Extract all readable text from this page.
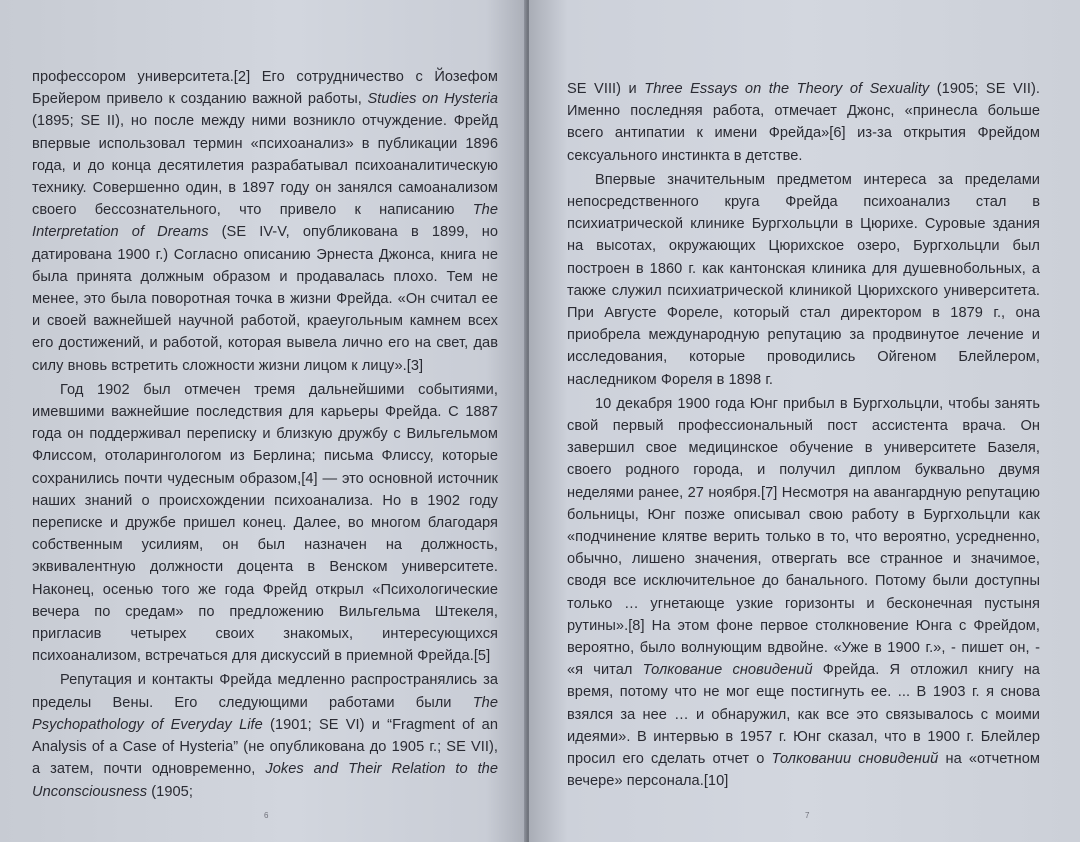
профессором университета.[2] Его сотрудничество с Йозефом Брейером привело к созданию важной работы, Studies on Hysteria (1895; SE II), но после между ними возникло отчуждение. Фрейд впервые использовал термин «психоанализ» в публикации 1896 года, и до конца десятилетия разрабатывал психоаналитическую технику. Совершенно один, в 1897 году он занялся самоанализом своего бессознательного, что привело к написанию The Interpretation of Dreams (SE IV-V, опубликована в 1899, но датирована 1900 г.) Согласно описанию Эрнеста Джонса, книга не была принята должным образом и продавалась плохо. Тем не менее, это была поворотная точка в жизни Фрейда. «Он считал ее и своей важнейшей научной работой, краеугольным камнем всех его достижений, и работой, которая вывела лично его на свет, дав силу вновь встретить сложности жизни лицом к лицу».[3]

Год 1902 был отмечен тремя дальнейшими событиями, имевшими важнейшие последствия для карьеры Фрейда. С 1887 года он поддерживал переписку и близкую дружбу с Вильгельмом Флиссом, отоларингологом из Берлина; письма Флиссу, которые сохранились почти чудесным образом,[4] — это основной источник наших знаний о происхождении психоанализа. Но в 1902 году переписке и дружбе пришел конец. Далее, во многом благодаря собственным усилиям, он был назначен на должность, эквивалентную должности доцента в Венском университете. Наконец, осенью того же года Фрейд открыл «Психологические вечера по средам» по предложению Вильгельма Штекеля, пригласив четырех своих знакомых, интересующихся психоанализом, встречаться для дискуссий в приемной Фрейда.[5]

Репутация и контакты Фрейда медленно распространялись за пределы Вены. Его следующими работами были The Psychopathology of Everyday Life (1901; SE VI) и “Fragment of an Analysis of a Case of Hysteria” (не опубликована до 1905 г.; SE VII), а затем, почти одновременно, Jokes and Their Relation to the Unconsciousness (1905;

6

SE VIII) и Three Essays on the Theory of Sexuality (1905; SE VII). Именно последняя работа, отмечает Джонс, «принесла больше всего антипатии к имени Фрейда»[6] из-за открытия Фрейдом сексуального инстинкта в детстве.

Впервые значительным предметом интереса за пределами непосредственного круга Фрейда психоанализ стал в психиатрической клинике Бургхольцли в Цюрихе. Суровые здания на высотах, окружающих Цюрихское озеро, Бургхольцли был построен в 1860 г. как кантонская клиника для душевнобольных, а также служил психиатрической клиникой Цюрихского университета. При Августе Фореле, который стал директором в 1879 г., она приобрела международную репутацию за продвинутое лечение и исследования, которые проводились Ойгеном Блейлером, наследником Фореля в 1898 г.

10 декабря 1900 года Юнг прибыл в Бургхольцли, чтобы занять свой первый профессиональный пост ассистента врача. Он завершил свое медицинское обучение в университете Базеля, своего родного города, и получил диплом буквально двумя неделями ранее, 27 ноября.[7] Несмотря на авангардную репутацию больницы, Юнг позже описывал свою работу в Бургхольцли как «подчинение клятве верить только в то, что вероятно, усредненно, обычно, лишено значения, отвергать все странное и значимое, сводя все исключительное до банального. Потому были доступны только … угнетающе узкие горизонты и бесконечная пустыня рутины».[8] На этом фоне первое столкновение Юнга с Фрейдом, вероятно, было волнующим вдвойне. «Уже в 1900 г.», - пишет он, - «я читал Толкование сновидений Фрейда. Я отложил книгу на время, потому что не мог еще постигнуть ее. ... В 1903 г. я снова взялся за нее … и обнаружил, как все это связывалось с моими идеями». В интервью в 1957 г. Юнг сказал, что в 1900 г. Блейлер просил его сделать отчет о Толковании сновидений на «отчетном вечере» персонала.[10]

7
